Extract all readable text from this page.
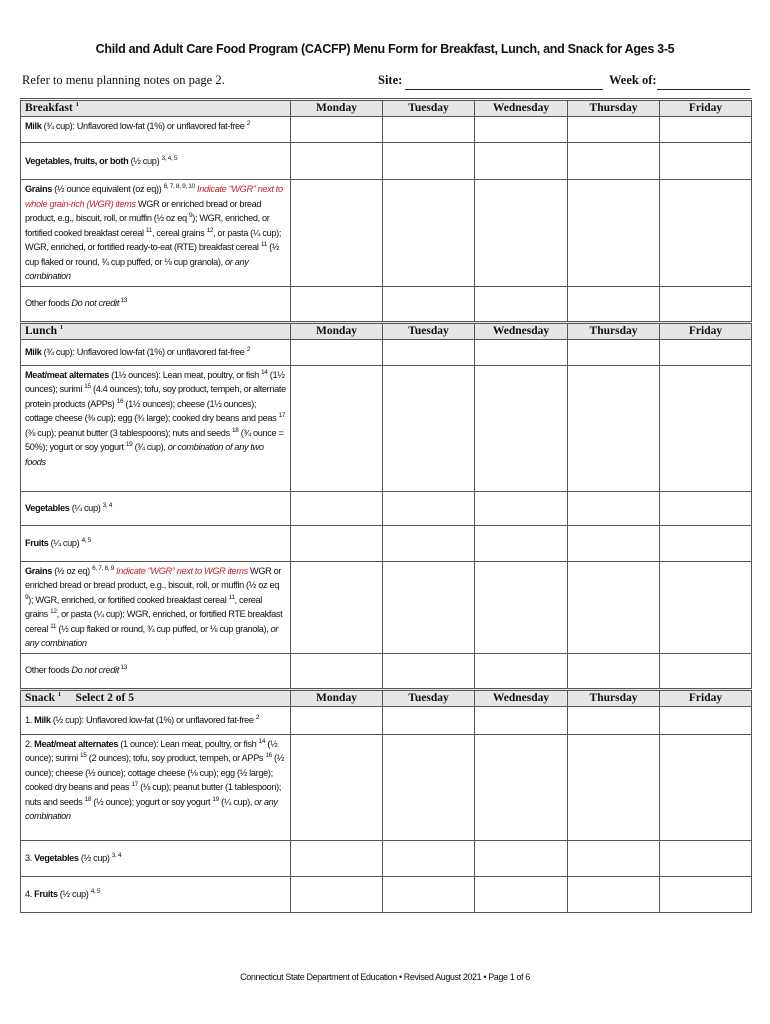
Child and Adult Care Food Program (CACFP) Menu Form for Breakfast, Lunch, and Snack for Ages 3-5
Refer to menu planning notes on page 2.	Site:	Week of:
Breakfast $^1$	Monday	Tuesday	Wednesday	Thursday	Friday
Milk (¾ cup): Unflavored low-fat (1%) or unflavored fat-free $^2$					
Vegetables, fruits, or both (½ cup) $^{3, 4, 5}$					
Grains (½ ounce equivalent (oz eq)) $^{6, 7, 8, 9, 10}$ Indicate “WGR” next to whole grain-rich (WGR) items WGR or enriched bread or bread product, e.g., biscuit, roll, or muffin (½ oz eq $^9$); WGR, enriched, or fortified cooked breakfast cereal $^{11}$, cereal grains $^{12}$, or pasta (¼ cup); WGR, enriched, or fortified ready-to-eat (RTE) breakfast cereal $^{11}$ (½ cup flaked or round, ¾ cup puffed, or ⅛ cup granola), or any combination					
Other foods Do not credit $^{13}$					
Lunch $^1$	Monday	Tuesday	Wednesday	Thursday	Friday
Milk (¾ cup): Unflavored low-fat (1%) or unflavored fat-free $^2$					
Meat/meat alternates (1½ ounces): Lean meat, poultry, or fish $^{14}$ (1½ ounces); surimi $^{15}$ (4.4 ounces); tofu, soy product, tempeh, or alternate protein products (APPs) $^{16}$ (1½ ounces); cheese (1½ ounces); cottage cheese (⅜ cup); egg (¾ large); cooked dry beans and peas $^{17}$ (⅜ cup); peanut butter (3 tablespoons); nuts and seeds $^{18}$ (¾ ounce = 50%); yogurt or soy yogurt $^{19}$ (¾ cup), or combination of any two foods					
Vegetables (¼ cup) $^{3, 4}$					
Fruits (¼ cup) $^{4, 5}$					
Grains (½ oz eq) $^{6, 7, 8, 9}$ Indicate “WGR” next to WGR items WGR or enriched bread or bread product, e.g., biscuit, roll, or muffin (½ oz eq $^9$); WGR, enriched, or fortified cooked breakfast cereal $^{11}$, cereal grains $^{12}$, or pasta (¼ cup); WGR, enriched, or fortified RTE breakfast cereal $^{11}$ (½ cup flaked or round, ¾ cup puffed, or ⅛ cup granola), or any combination					
Other foods Do not credit $^{13}$					
Snack $^1$ Select 2 of 5	Monday	Tuesday	Wednesday	Thursday	Friday
1. Milk (½ cup): Unflavored low-fat (1%) or unflavored fat-free $^2$					
2. Meat/meat alternates (1 ounce): Lean meat, poultry, or fish $^{14}$ (½ ounce); surimi $^{15}$ (2 ounces); tofu, soy product, tempeh, or APPs $^{16}$ (½ ounce); cheese (½ ounce); cottage cheese (⅛ cup); egg (½ large); cooked dry beans and peas $^{17}$ (⅛ cup); peanut butter (1 tablespoon); nuts and seeds $^{18}$ (½ ounce); yogurt or soy yogurt $^{19}$ (¼ cup), or any combination					
3. Vegetables (½ cup) $^{3, 4}$					
4. Fruits (½ cup) $^{4, 5}$					
Connecticut State Department of Education • Revised August 2021 • Page 1 of 6
